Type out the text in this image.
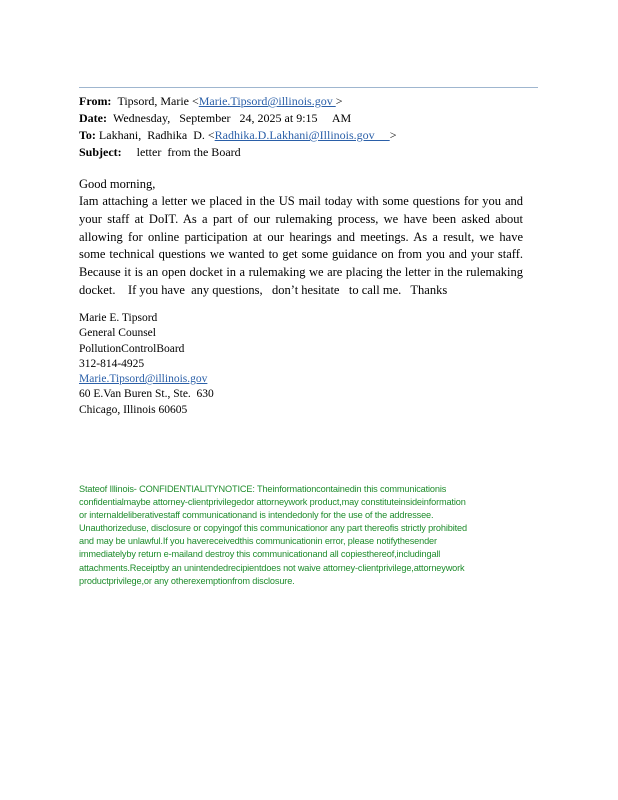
From: Tipsord, Marie <Marie.Tipsord@illinois.gov >
Date: Wednesday,   September   24, 2025 at 9:15     AM
To: Lakhani,  Radhika  D. <Radhika.D.Lakhani@Illinois.gov     >
Subject: letter  from the Board
Good morning,

Iam attaching a letter we placed in the US mail today with some questions for you and

your staff at DoIT. As a part of our rulemaking process, we have been asked about

allowing for online participation at our hearings and meetings. As a result, we have

some technical questions we wanted to get some guidance on from you and your staff.

Because it is an open docket in a rulemaking we are placing the letter in the rulemaking

docket.    If you have  any questions,   don’t hesitate   to call me.   Thanks

Marie E. Tipsord
General Counsel
PollutionControlBoard
312-814-4925
Marie.Tipsord@illinois.gov
60 E.Van Buren St., Ste.  630
Chicago, Illinois 60605
Stateof Illinois- CONFIDENTIALITYNOTICE: Theinformationcontainedin this communicationis
confidentialmaybe attorney-clientprivilegedor attorneywork product,may constituteinsideinformation
or internaldeliberativestaff communicationand is intendedonly for the use of the addressee.
Unauthorizeduse, disclosure or copyingof this communicationor any part thereofis strictly prohibited
and may be unlawful.If you havereceivedthis communicationin error, please notifythesender
immediatelyby return e-mailand destroy this communicationand all copiesthereof,includingall
attachments.Receiptby an unintendedrecipientdoes not waive attorney-clientprivilege,attorneywork
productprivilege,or any otherexemptionfrom disclosure.
